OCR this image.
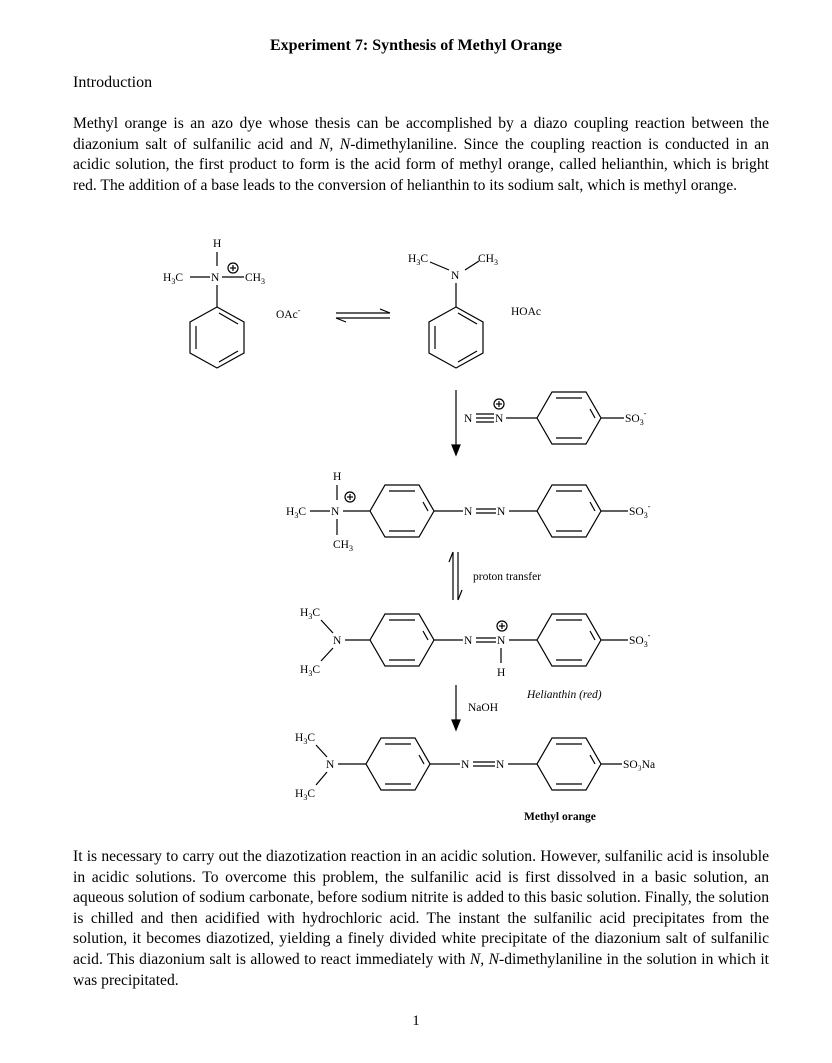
Experiment 7: Synthesis of Methyl Orange
Introduction

Methyl orange is an azo dye whose thesis can be accomplished by a diazo coupling reaction between the diazonium salt of sulfanilic acid and N, N-dimethylaniline. Since the coupling reaction is conducted in an acidic solution, the first product to form is the acid form of methyl orange, called helianthin, which is bright red. The addition of a base leads to the conversion of helianthin to its sodium salt, which is methyl orange.

H
$H_3C$ N $CH_3$
OAc-
$H_3C$	$CH_3$
N
HOAc
N N	$SO_3^-$
H
$H_3C$ N
$CH_3$
N N	$SO_3^-$
proton transfer
$H_3C$
N
$H_3C$
N N
H
$SO_3^-$
Helianthin (red)
NaOH
$H_3C$
N
$H_3C$
N N	SO₃Na
Methyl orange

It is necessary to carry out the diazotization reaction in an acidic solution. However, sulfanilic acid is insoluble in acidic solutions. To overcome this problem, the sulfanilic acid is first dissolved in a basic solution, an aqueous solution of sodium carbonate, before sodium nitrite is added to this basic solution. Finally, the solution is chilled and then acidified with hydrochloric acid. The instant the sulfanilic acid precipitates from the solution, it becomes diazotized, yielding a finely divided white precipitate of the diazonium salt of sulfanilic acid. This diazonium salt is allowed to react immediately with N, N-dimethylaniline in the solution in which it was precipitated.

1
